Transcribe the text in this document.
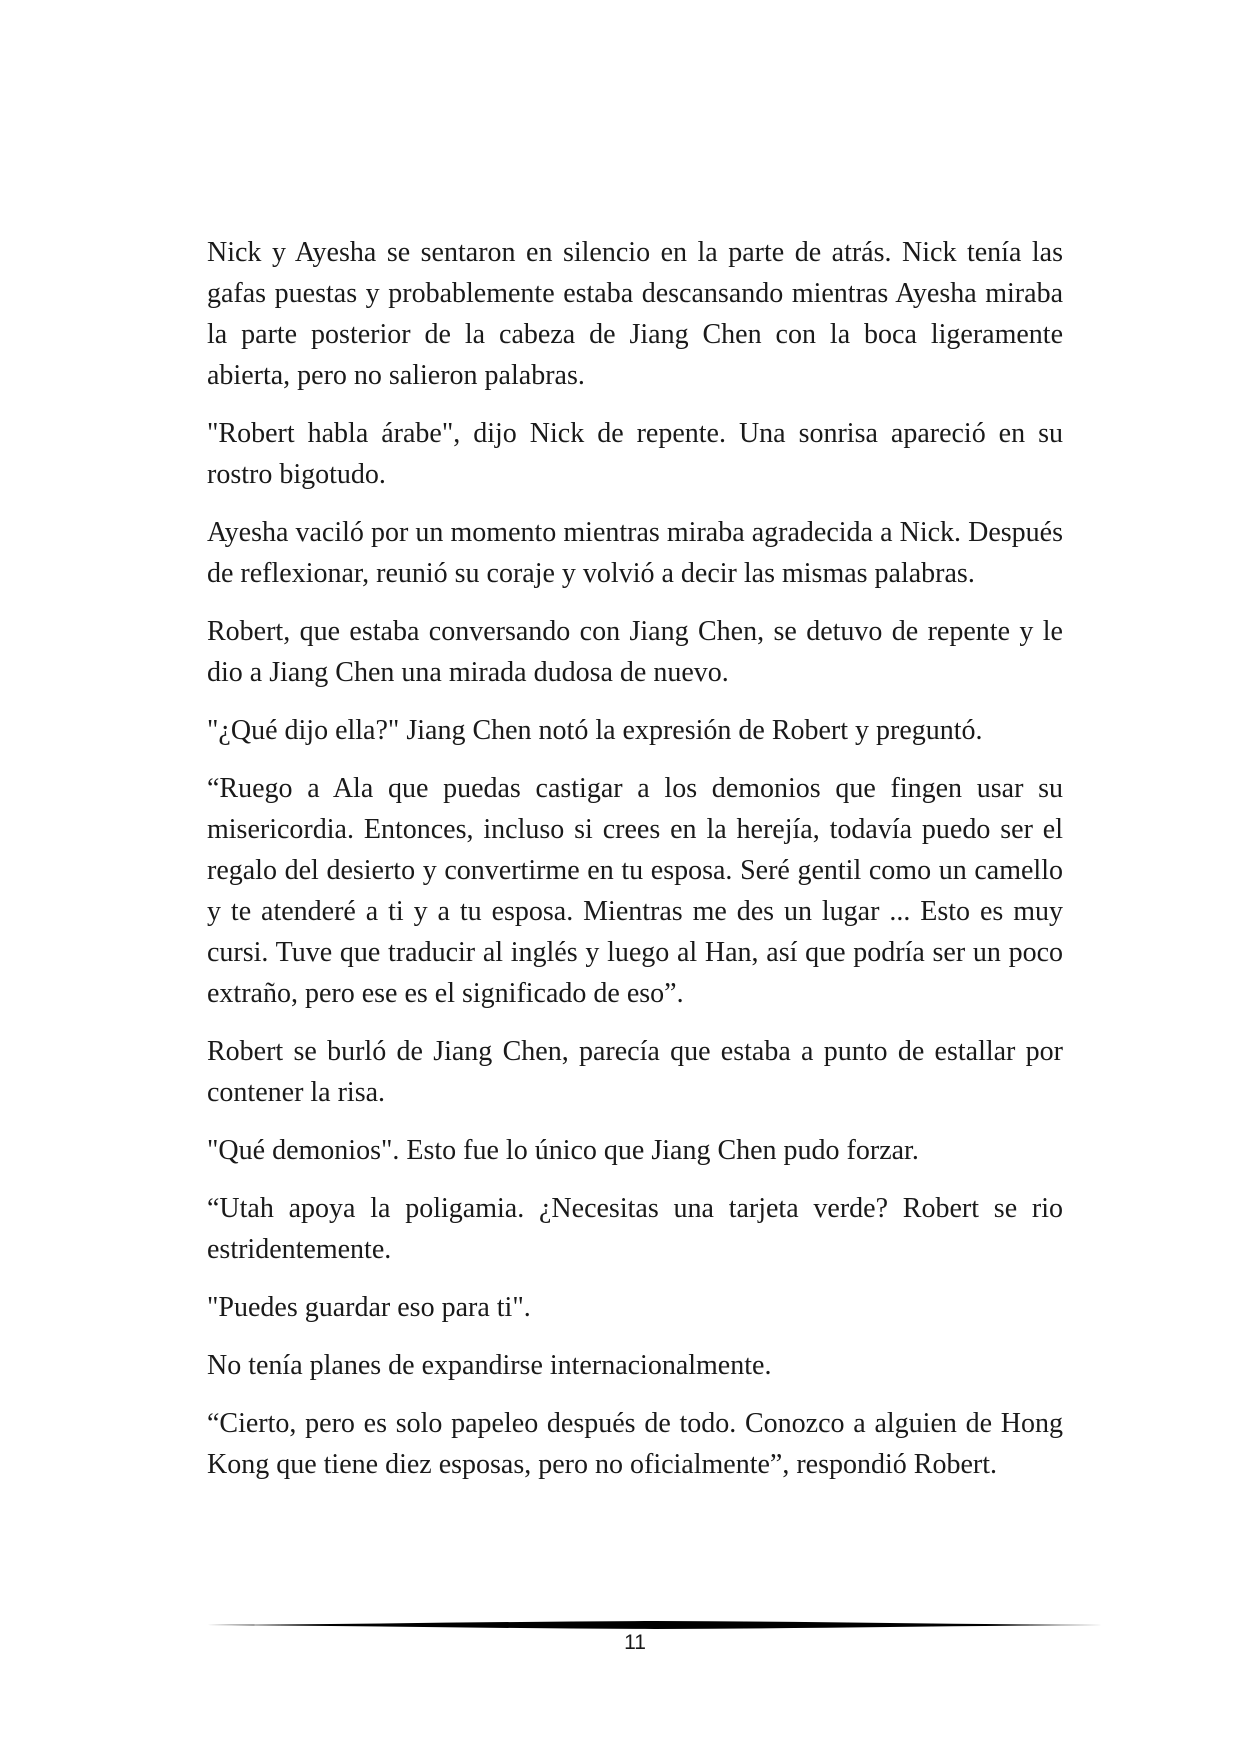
Nick y Ayesha se sentaron en silencio en la parte de atrás. Nick tenía las gafas puestas y probablemente estaba descansando mientras Ayesha miraba la parte posterior de la cabeza de Jiang Chen con la boca ligeramente abierta, pero no salieron palabras.

"Robert habla árabe", dijo Nick de repente. Una sonrisa apareció en su rostro bigotudo.

Ayesha vaciló por un momento mientras miraba agradecida a Nick. Después de reflexionar, reunió su coraje y volvió a decir las mismas palabras.

Robert, que estaba conversando con Jiang Chen, se detuvo de repente y le dio a Jiang Chen una mirada dudosa de nuevo.

"¿Qué dijo ella?" Jiang Chen notó la expresión de Robert y preguntó.

“Ruego a Ala que puedas castigar a los demonios que fingen usar su misericordia. Entonces, incluso si crees en la herejía, todavía puedo ser el regalo del desierto y convertirme en tu esposa. Seré gentil como un camello y te atenderé a ti y a tu esposa. Mientras me des un lugar ... Esto es muy cursi. Tuve que traducir al inglés y luego al Han, así que podría ser un poco extraño, pero ese es el significado de eso”.

Robert se burló de Jiang Chen, parecía que estaba a punto de estallar por contener la risa.

"Qué demonios". Esto fue lo único que Jiang Chen pudo forzar.

“Utah apoya la poligamia. ¿Necesitas una tarjeta verde? Robert se rio estridentemente.

"Puedes guardar eso para ti".

No tenía planes de expandirse internacionalmente.

“Cierto, pero es solo papeleo después de todo. Conozco a alguien de Hong Kong que tiene diez esposas, pero no oficialmente”, respondió Robert.

11
